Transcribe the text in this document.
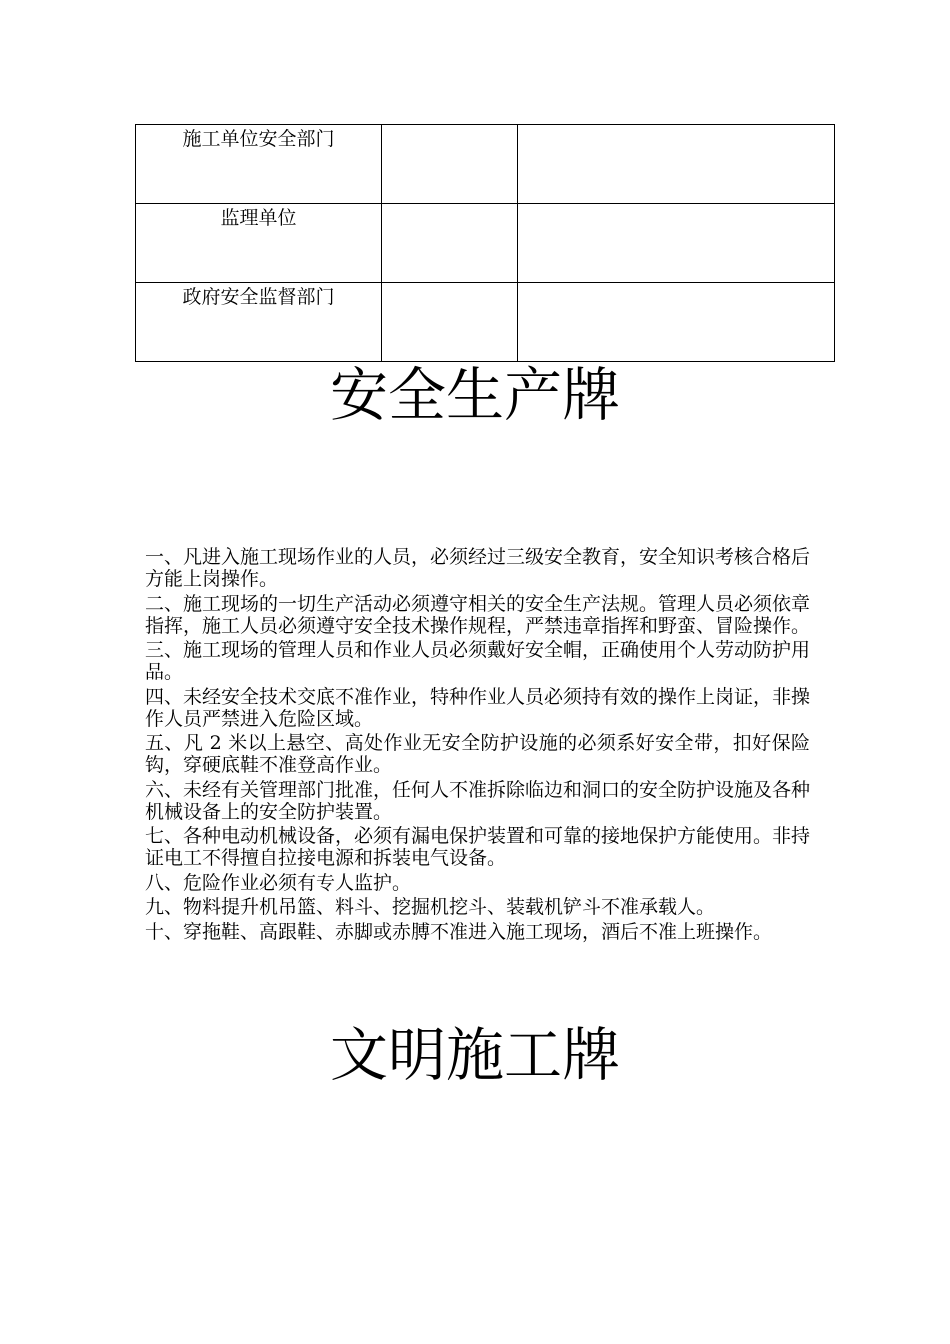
施工单位安全部门		
监理单位		
政府安全监督部门		
安全生产牌
一、凡进入施工现场作业的人员，必须经过三级安全教育，安全知识考核合格后方能上岗操作。
二、施工现场的一切生产活动必须遵守相关的安全生产法规。管理人员必须依章指挥，施工人员必须遵守安全技术操作规程，严禁违章指挥和野蛮、冒险操作。
三、施工现场的管理人员和作业人员必须戴好安全帽，正确使用个人劳动防护用品。
四、未经安全技术交底不准作业，特种作业人员必须持有效的操作上岗证，非操作人员严禁进入危险区域。
五、凡 2 米以上悬空、高处作业无安全防护设施的必须系好安全带，扣好保险钩，穿硬底鞋不准登高作业。
六、未经有关管理部门批准，任何人不准拆除临边和洞口的安全防护设施及各种机械设备上的安全防护装置。
七、各种电动机械设备，必须有漏电保护装置和可靠的接地保护方能使用。非持证电工不得擅自拉接电源和拆装电气设备。
八、危险作业必须有专人监护。
九、物料提升机吊篮、料斗、挖掘机挖斗、装载机铲斗不准承载人。
十、穿拖鞋、高跟鞋、赤脚或赤膊不准进入施工现场，酒后不准上班操作。
文明施工牌
